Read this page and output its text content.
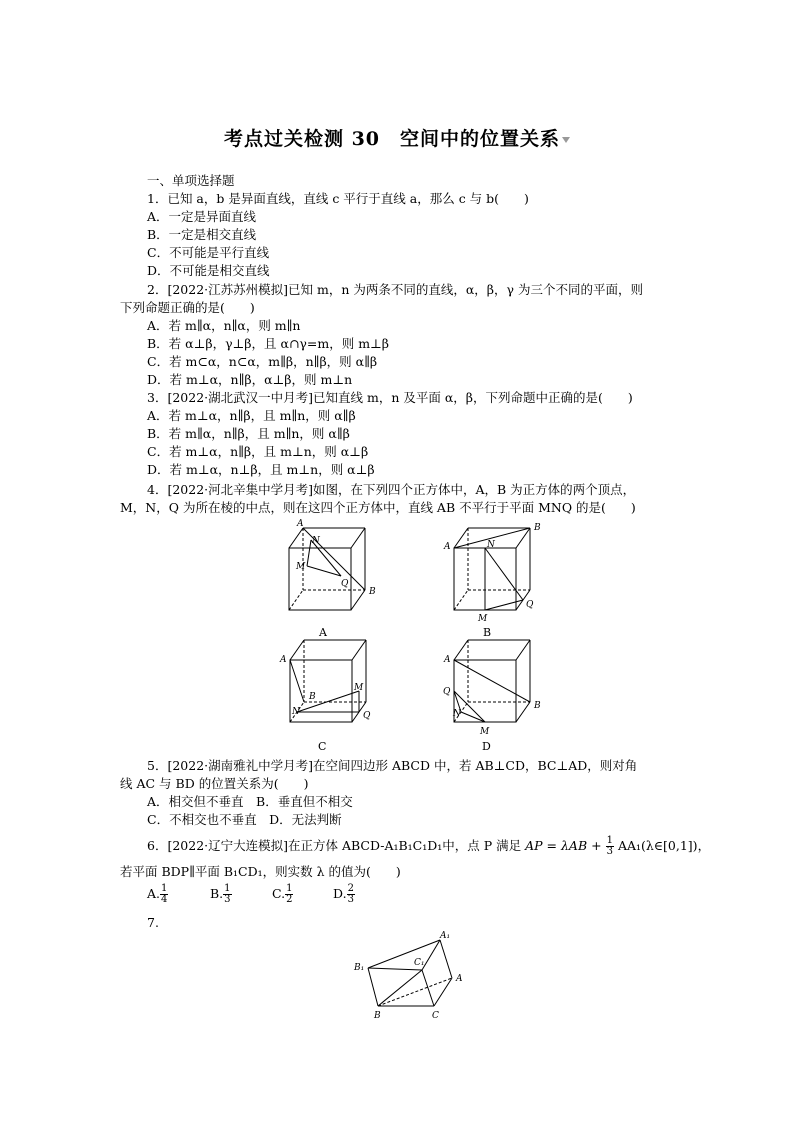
考点过关检测 30　空间中的位置关系
一、单项选择题
1．已知 a，b 是异面直线，直线 c 平行于直线 a，那么 c 与 b(　　)
A．一定是异面直线
B．一定是相交直线
C．不可能是平行直线
D．不可能是相交直线
2．[2022·江苏苏州模拟]已知 m，n 为两条不同的直线，α，β，γ 为三个不同的平面，则
下列命题正确的是(　　)
A．若 m∥α，n∥α，则 m∥n
B．若 α⊥β，γ⊥β，且 α∩γ=m，则 m⊥β
C．若 m⊂α，n⊂α，m∥β，n∥β，则 α∥β
D．若 m⊥α，n∥β，α⊥β，则 m⊥n
3．[2022·湖北武汉一中月考]已知直线 m，n 及平面 α，β，下列命题中正确的是(　　)
A．若 m⊥α，n∥β，且 m∥n，则 α∥β
B．若 m∥α，n∥β，且 m∥n，则 α∥β
C．若 m⊥α，n∥β，且 m⊥n，则 α⊥β
D．若 m⊥α，n⊥β，且 m⊥n，则 α⊥β
4．[2022·河北辛集中学月考]如图，在下列四个正方体中，A，B 为正方体的两个顶点，
M，N，Q 为所在棱的中点，则在这四个正方体中，直线 AB 不平行于平面 MNQ 的是(　　)
A
N
M
Q
B
A
A	N
B
Q
M
B
A
B
M
N	Q
C
A
Q
N
M
B
D
5．[2022·湖南雅礼中学月考]在空间四边形 ABCD 中，若 AB⊥CD，BC⊥AD，则对角
线 AC 与 BD 的位置关系为(　　)
A．相交但不垂直　B．垂直但不相交
C．不相交也不垂直　D．无法判断
6．[2022·辽宁大连模拟]在正方体 ABCD-A₁B₁C₁D₁中，点 P 满足 AP = $\lambda AB + \frac{1}{3}$ AA₁(λ∈[0,1])，
若平面 BDP∥平面 B₁CD₁，则实数 λ 的值为(　　)
A. $\frac{1}{4}$	B. $\frac{1}{3}$	C. $\frac{1}{2}$	D. $\frac{2}{3}$
7.
B₁
A₁
C₁
A
B	C
